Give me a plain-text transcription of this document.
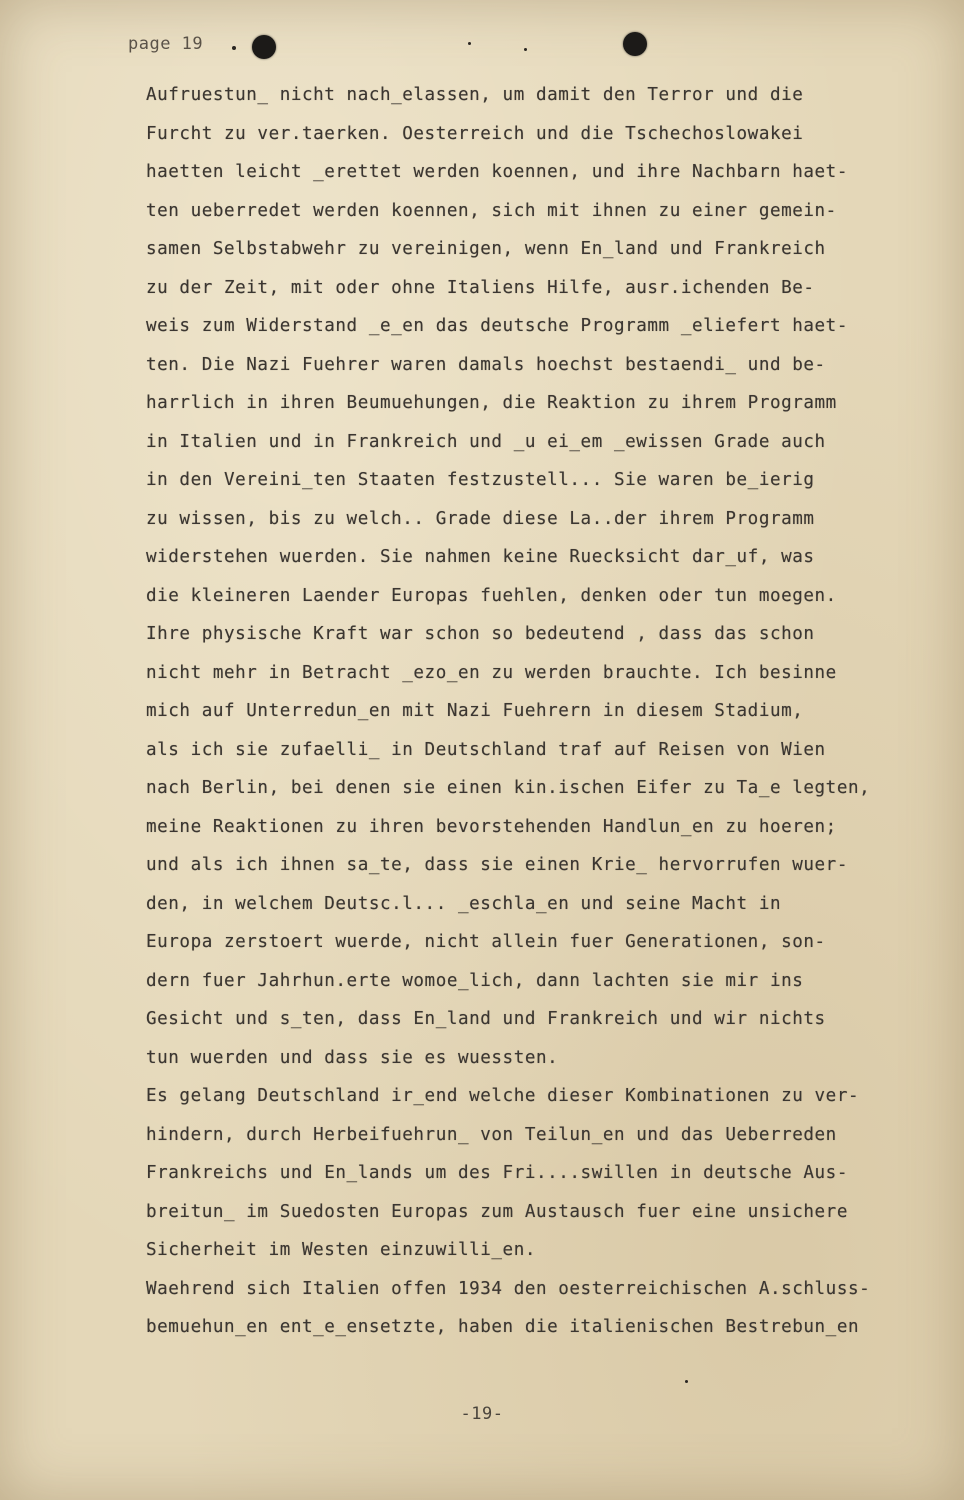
page 19
Aufruestun_ nicht nach_elassen, um damit den Terror und die
Furcht zu ver.taerken. Oesterreich und die Tschechoslowakei
haetten leicht _erettet werden koennen, und ihre Nachbarn haet-
ten ueberredet werden koennen, sich mit ihnen zu einer gemein-
samen Selbstabwehr zu vereinigen, wenn En_land und Frankreich
zu der Zeit, mit oder ohne Italiens Hilfe, ausr.ichenden Be-
weis zum Widerstand _e_en das deutsche Programm _eliefert haet-
ten. Die Nazi Fuehrer waren damals hoechst bestaendi_ und be-
harrlich in ihren Beumuehungen, die Reaktion zu ihrem Programm
in Italien und in Frankreich und _u ei_em _ewissen Grade auch
in den Vereini_ten Staaten festzustell... Sie waren be_ierig
zu wissen, bis zu welch.. Grade diese La..der ihrem Programm
widerstehen wuerden. Sie nahmen keine Ruecksicht dar_uf, was
die kleineren Laender Europas fuehlen, denken oder tun moegen.
Ihre physische Kraft war schon so bedeutend , dass das schon
nicht mehr in Betracht _ezo_en zu werden brauchte. Ich besinne
mich auf Unterredun_en mit Nazi Fuehrern in diesem Stadium,
als ich sie zufaelli_ in Deutschland traf auf Reisen von Wien
nach Berlin, bei denen sie einen kin.ischen Eifer zu Ta_e legten,
meine Reaktionen zu ihren bevorstehenden Handlun_en zu hoeren;
und als ich ihnen sa_te, dass sie einen Krie_ hervorrufen wuer-
den, in welchem Deutsc.l... _eschla_en und seine Macht in
Europa zerstoert wuerde, nicht allein fuer Generationen, son-
dern fuer Jahrhun.erte womoe_lich, dann lachten sie mir ins
Gesicht und s_ten, dass En_land und Frankreich und wir nichts
tun wuerden und dass sie es wuessten.
Es gelang Deutschland ir_end welche dieser Kombinationen zu ver-
hindern, durch Herbeifuehrun_ von Teilun_en und das Ueberreden
Frankreichs und En_lands um des Fri....swillen in deutsche Aus-
breitun_ im Suedosten Europas zum Austausch fuer eine unsichere
Sicherheit im Westen einzuwilli_en.
Waehrend sich Italien offen 1934 den oesterreichischen A.schluss-
bemuehun_en ent_e_ensetzte, haben die italienischen Bestrebun_en
-19-
